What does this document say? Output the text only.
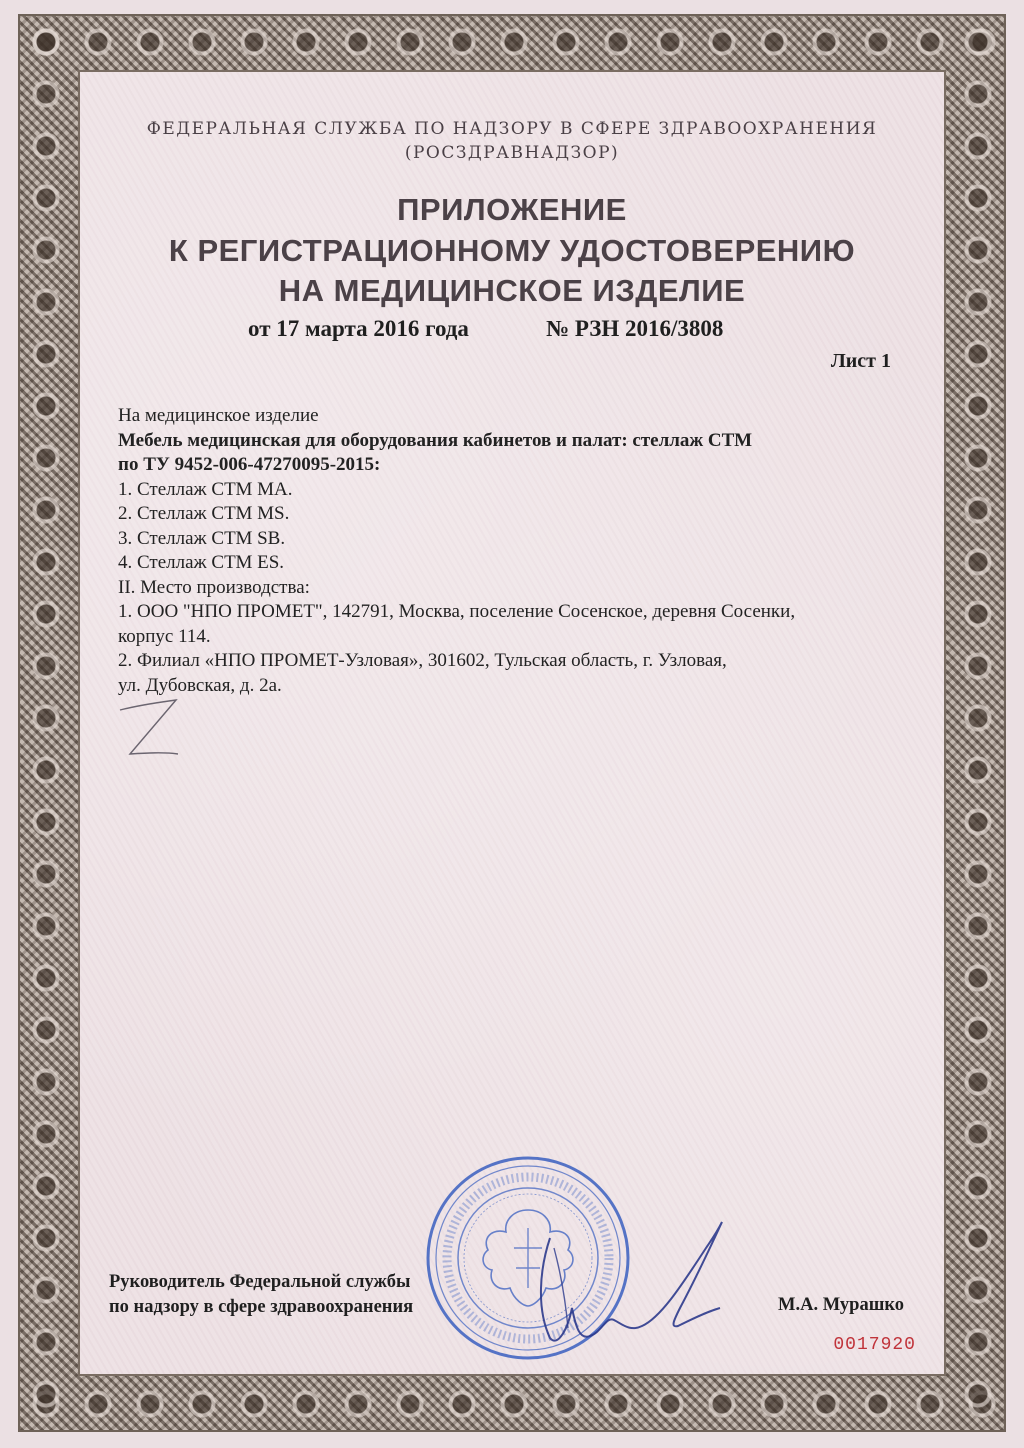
ФЕДЕРАЛЬНАЯ СЛУЖБА ПО НАДЗОРУ В СФЕРЕ ЗДРАВООХРАНЕНИЯ
(РОСЗДРАВНАДЗОР)
ПРИЛОЖЕНИЕ
К РЕГИСТРАЦИОННОМУ УДОСТОВЕРЕНИЮ
НА МЕДИЦИНСКОЕ ИЗДЕЛИЕ
от 17 марта 2016 года	№ РЗН 2016/3808
Лист 1
На медицинское изделие
Мебель медицинская для оборудования кабинетов и палат: стеллаж СТМ
по ТУ 9452-006-47270095-2015:
1. Стеллаж СТМ MA.
2. Стеллаж СТМ MS.
3. Стеллаж СТМ SB.
4. Стеллаж СТМ ES.
II. Место производства:
1. ООО "НПО ПРОМЕТ", 142791, Москва, поселение Сосенское, деревня Сосенки,
корпус 114.
2. Филиал «НПО ПРОМЕТ-Узловая», 301602, Тульская область, г. Узловая,
ул. Дубовская, д. 2а.
Руководитель Федеральной службы
по надзору в сфере здравоохранения	М.А. Мурашко
0017920
